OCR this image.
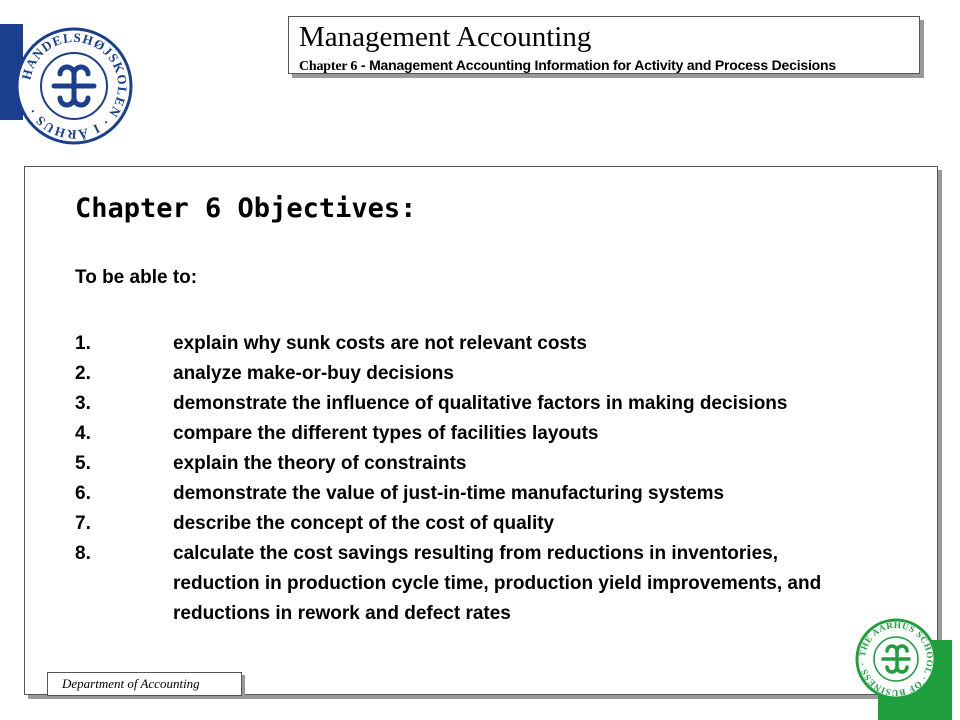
HANDELSHØJSKOLEN · I ÅRHUS ·
Management Accounting
Chapter 6 - Management Accounting Information for Activity and Process Decisions
Chapter 6 Objectives:
To be able to:
1.	explain why sunk costs are not relevant costs
2.	analyze make-or-buy decisions
3.	demonstrate the influence of qualitative factors in making decisions
4.	compare the different types of facilities layouts
5.	explain the theory of constraints
6.	demonstrate the value of just-in-time manufacturing systems
7.	describe the concept of the cost of quality
8.	calculate the cost savings resulting from reductions in inventories,
reduction in production cycle time, production yield improvements, and
reductions in rework and defect rates
Department of Accounting
THE AARHUS SCHOOL · OF BUSINESS ·
